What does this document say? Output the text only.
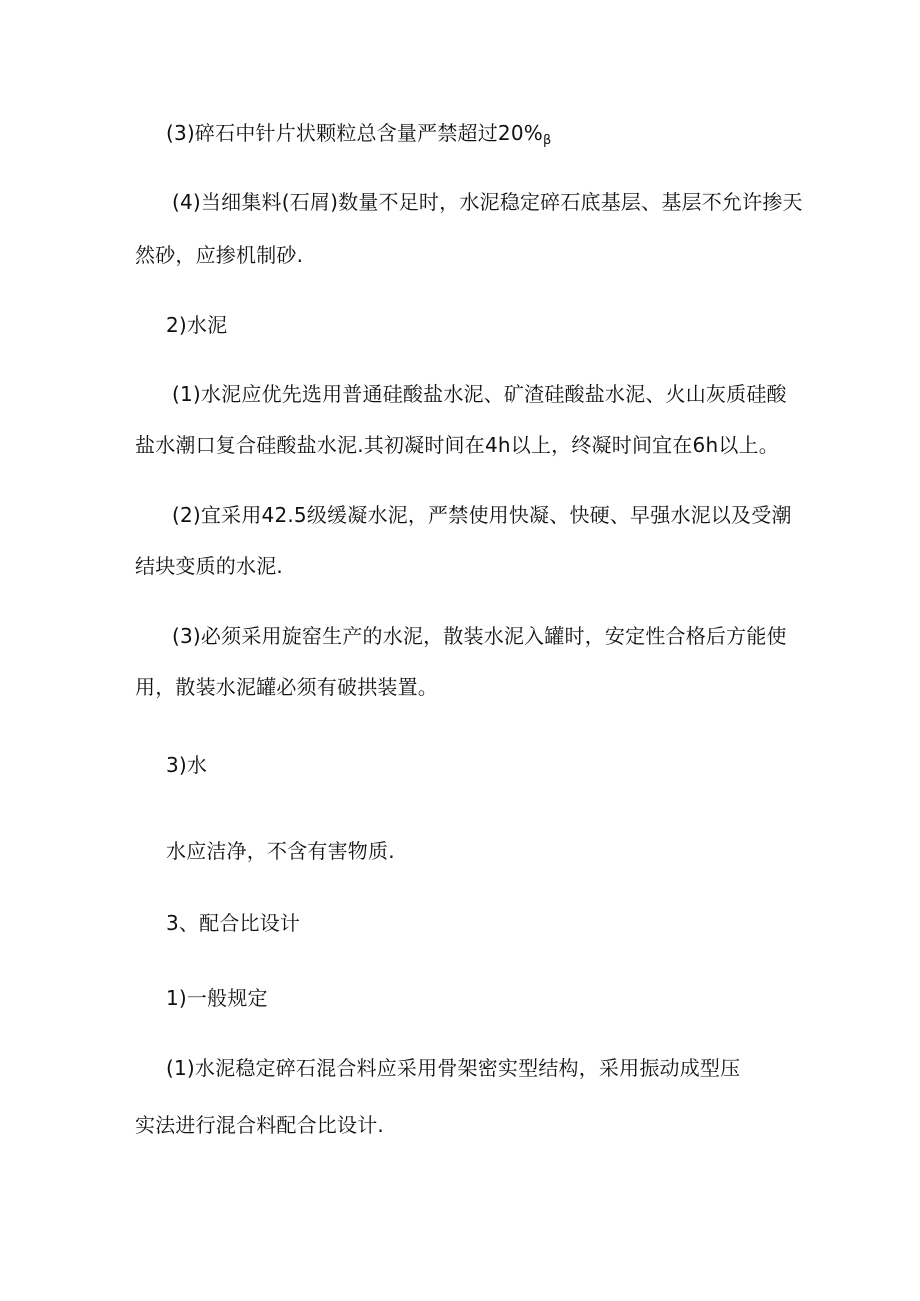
(3)碎石中针片状颗粒总含量严禁超过$20\%_\beta$
(4)当细集料(石屑)数量不足时，水泥稳定碎石底基层、基层不允许掺天
然砂，应掺机制砂.
2)水泥
(1)水泥应优先选用普通硅酸盐水泥、矿渣硅酸盐水泥、火山灰质硅酸
盐水潮口复合硅酸盐水泥.其初凝时间在4h以上，终凝时间宜在6h以上。
(2)宜采用42.5级缓凝水泥，严禁使用快凝、快硬、早强水泥以及受潮
结块变质的水泥.
(3)必须采用旋窑生产的水泥，散装水泥入罐时，安定性合格后方能使
用，散装水泥罐必须有破拱装置。
3)水
水应洁净，不含有害物质.
3、配合比设计
1)一般规定
(1)水泥稳定碎石混合料应采用骨架密实型结构，采用振动成型压
实法进行混合料配合比设计.
